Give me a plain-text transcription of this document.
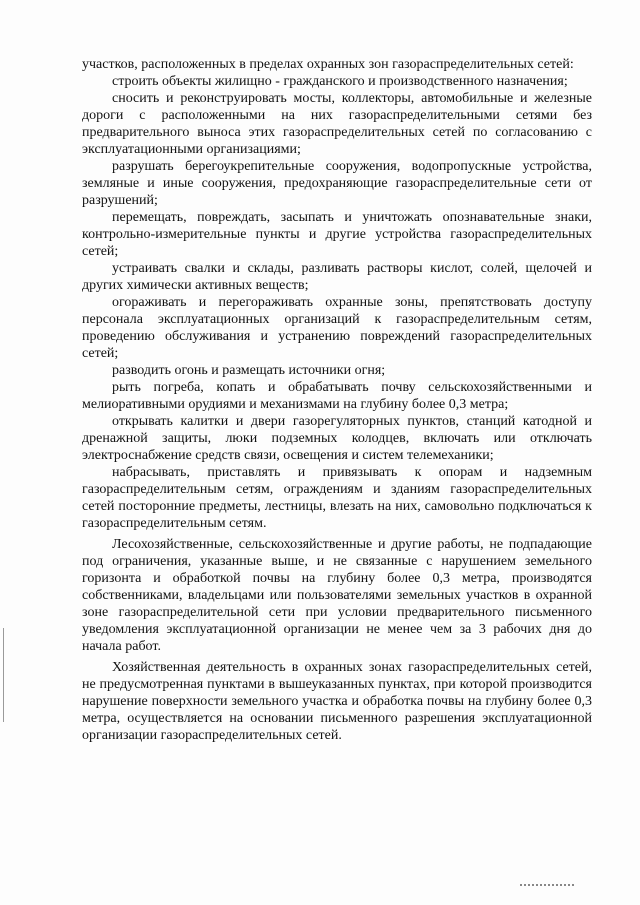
участков, расположенных в пределах охранных зон газораспределительных сетей:

строить объекты жилищно - гражданского и производственного назначения;

сносить и реконструировать мосты, коллекторы, автомобильные и железные дороги с расположенными на них газораспределительными сетями без предварительного выноса этих газораспределительных сетей по согласованию с эксплуатационными организациями;

разрушать берегоукрепительные сооружения, водопропускные устройства, земляные и иные сооружения, предохраняющие газораспределительные сети от разрушений;

перемещать, повреждать, засыпать и уничтожать опознавательные знаки, контрольно-измерительные пункты и другие устройства газораспределительных сетей;

устраивать свалки и склады, разливать растворы кислот, солей, щелочей и других химически активных веществ;

огораживать и перегораживать охранные зоны, препятствовать доступу персонала эксплуатационных организаций к газораспределительным сетям, проведению обслуживания и устранению повреждений газораспределительных сетей;

разводить огонь и размещать источники огня;

рыть погреба, копать и обрабатывать почву сельскохозяйственными и мелиоративными орудиями и механизмами на глубину более 0,3 метра;

открывать калитки и двери газорегуляторных пунктов, станций катодной и дренажной защиты, люки подземных колодцев, включать или отключать электроснабжение средств связи, освещения и систем телемеханики;

набрасывать, приставлять и привязывать к опорам и надземным газораспределительным сетям, ограждениям и зданиям газораспределительных сетей посторонние предметы, лестницы, влезать на них, самовольно подключаться к газораспределительным сетям.

Лесохозяйственные, сельскохозяйственные и другие работы, не подпадающие под ограничения, указанные выше, и не связанные с нарушением земельного горизонта и обработкой почвы на глубину более 0,3 метра, производятся собственниками, владельцами или пользователями земельных участков в охранной зоне газораспределительной сети при условии предварительного письменного уведомления эксплуатационной организации не менее чем за 3 рабочих дня до начала работ.

Хозяйственная деятельность в охранных зонах газораспределительных сетей, не предусмотренная пунктами в вышеуказанных пунктах, при которой производится нарушение поверхности земельного участка и обработка почвы на глубину более 0,3 метра, осуществляется на основании письменного разрешения эксплуатационной организации газораспределительных сетей.
